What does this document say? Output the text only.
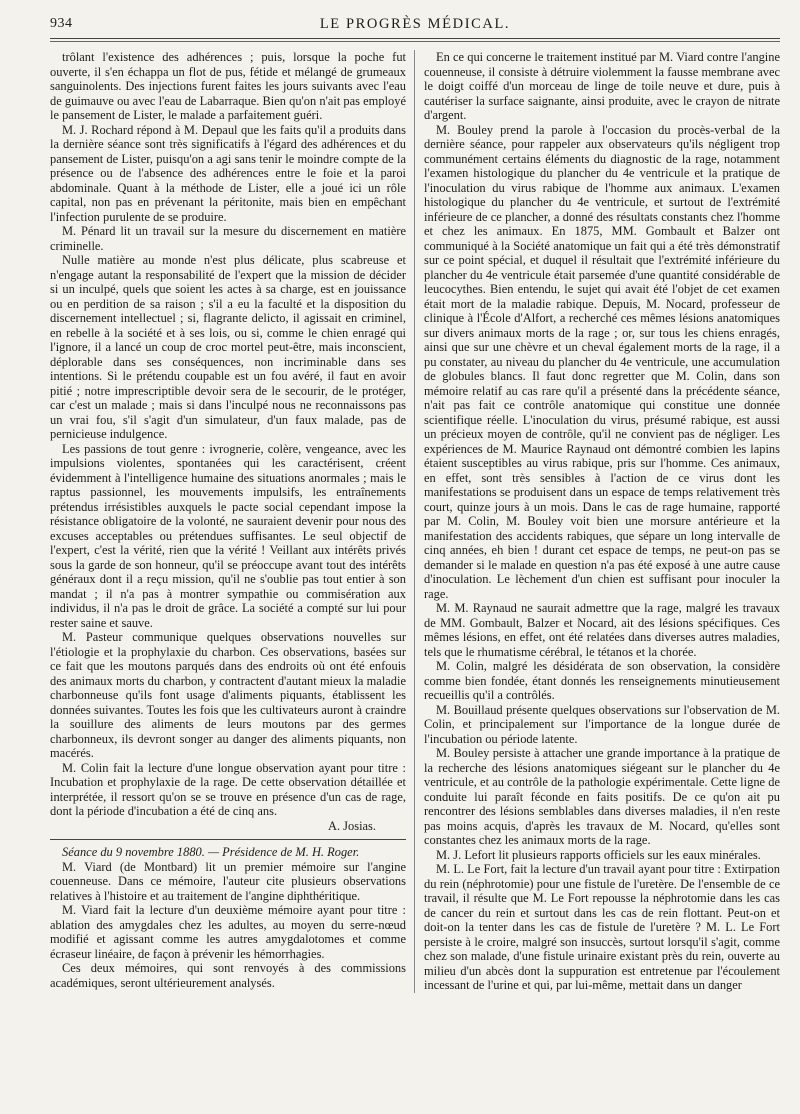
934	LE PROGRÈS MÉDICAL.

trôlant l'existence des adhérences ; puis, lorsque la poche fut ouverte, il s'en échappa un flot de pus, fétide et mélangé de grumeaux sanguinolents. Des injections furent faites les jours suivants avec l'eau de guimauve ou avec l'eau de Labarraque. Bien qu'on n'ait pas employé le pansement de Lister, le malade a parfaitement guéri.

M. J. Rochard répond à M. Depaul que les faits qu'il a produits dans la dernière séance sont très significatifs à l'égard des adhérences et du pansement de Lister, puisqu'on a agi sans tenir le moindre compte de la présence ou de l'absence des adhérences entre le foie et la paroi abdominale. Quant à la méthode de Lister, elle a joué ici un rôle capital, non pas en prévenant la péritonite, mais bien en empêchant l'infection purulente de se produire.

M. Pénard lit un travail sur la mesure du discernement en matière criminelle.

Nulle matière au monde n'est plus délicate, plus scabreuse et n'engage autant la responsabilité de l'expert que la mission de décider si un inculpé, quels que soient les actes à sa charge, est en jouissance ou en perdition de sa raison ; s'il a eu la faculté et la disposition du discernement intellectuel ; si, flagrante delicto, il agissait en criminel, en rebelle à la société et à ses lois, ou si, comme le chien enragé qui l'ignore, il a lancé un coup de croc mortel peut-être, mais inconscient, déplorable dans ses conséquences, non incriminable dans ses intentions. Si le prétendu coupable est un fou avéré, il faut en avoir pitié ; notre imprescriptible devoir sera de le secourir, de le protéger, car c'est un malade ; mais si dans l'inculpé nous ne reconnaissons pas un vrai fou, s'il s'agit d'un simulateur, d'un faux malade, pas de pernicieuse indulgence.

Les passions de tout genre : ivrognerie, colère, vengeance, avec les impulsions violentes, spontanées qui les caractérisent, créent évidemment à l'intelligence humaine des situations anormales ; mais le raptus passionnel, les mouvements impulsifs, les entraînements prétendus irrésistibles auxquels le pacte social cependant impose la résistance obligatoire de la volonté, ne sauraient devenir pour nous des excuses acceptables ou prétendues suffisantes. Le seul objectif de l'expert, c'est la vérité, rien que la vérité ! Veillant aux intérêts privés sous la garde de son honneur, qu'il se préoccupe avant tout des intérêts généraux dont il a reçu mission, qu'il ne s'oublie pas tout entier à son mandat ; il n'a pas à montrer sympathie ou commisération aux individus, il n'a pas le droit de grâce. La société a compté sur lui pour rester saine et sauve.

M. Pasteur communique quelques observations nouvelles sur l'étiologie et la prophylaxie du charbon. Ces observations, basées sur ce fait que les moutons parqués dans des endroits où ont été enfouis des animaux morts du charbon, y contractent d'autant mieux la maladie charbonneuse qu'ils font usage d'aliments piquants, établissent les données suivantes. Toutes les fois que les cultivateurs auront à craindre la souillure des aliments de leurs moutons par des germes charbonneux, ils devront songer au danger des aliments piquants, non macérés.

M. Colin fait la lecture d'une longue observation ayant pour titre : Incubation et prophylaxie de la rage. De cette observation détaillée et interprétée, il ressort qu'on se se trouve en présence d'un cas de rage, dont la période d'incubation a été de cinq ans.

A. Josias.

Séance du 9 novembre 1880. — Présidence de M. H. Roger.

M. Viard (de Montbard) lit un premier mémoire sur l'angine couenneuse. Dans ce mémoire, l'auteur cite plusieurs observations relatives à l'histoire et au traitement de l'angine diphthéritique.

M. Viard fait la lecture d'un deuxième mémoire ayant pour titre : ablation des amygdales chez les adultes, au moyen du serre-nœud modifié et agissant comme les autres amygdalotomes et comme écraseur linéaire, de façon à prévenir les hémorrhagies.

Ces deux mémoires, qui sont renvoyés à des commissions académiques, seront ultérieurement analysés.

En ce qui concerne le traitement institué par M. Viard contre l'angine couenneuse, il consiste à détruire violemment la fausse membrane avec le doigt coiffé d'un morceau de linge de toile neuve et dure, puis à cautériser la surface saignante, ainsi produite, avec le crayon de nitrate d'argent.

M. Bouley prend la parole à l'occasion du procès-verbal de la dernière séance, pour rappeler aux observateurs qu'ils négligent trop communément certains éléments du diagnostic de la rage, notamment l'examen histologique du plancher du 4e ventricule et la pratique de l'inoculation du virus rabique de l'homme aux animaux. L'examen histologique du plancher du 4e ventricule, et surtout de l'extrémité inférieure de ce plancher, a donné des résultats constants chez l'homme et chez les animaux. En 1875, MM. Gombault et Balzer ont communiqué à la Société anatomique un fait qui a été très démonstratif sur ce point spécial, et duquel il résultait que l'extrémité inférieure du plancher du 4e ventricule était parsemée d'une quantité considérable de leucocythes. Bien entendu, le sujet qui avait été l'objet de cet examen était mort de la maladie rabique. Depuis, M. Nocard, professeur de clinique à l'École d'Alfort, a recherché ces mêmes lésions anatomiques sur divers animaux morts de la rage ; or, sur tous les chiens enragés, ainsi que sur une chèvre et un cheval également morts de la rage, il a pu constater, au niveau du plancher du 4e ventricule, une accumulation de globules blancs. Il faut donc regretter que M. Colin, dans son mémoire relatif au cas rare qu'il a présenté dans la précédente séance, n'ait pas fait ce contrôle anatomique qui constitue une donnée scientifique réelle. L'inoculation du virus, présumé rabique, est aussi un précieux moyen de contrôle, qu'il ne convient pas de négliger. Les expériences de M. Maurice Raynaud ont démontré combien les lapins étaient susceptibles au virus rabique, pris sur l'homme. Ces animaux, en effet, sont très sensibles à l'action de ce virus dont les manifestations se produisent dans un espace de temps relativement très court, quinze jours à un mois. Dans le cas de rage humaine, rapporté par M. Colin, M. Bouley voit bien une morsure antérieure et la manifestation des accidents rabiques, que sépare un long intervalle de cinq années, eh bien ! durant cet espace de temps, ne peut-on pas se demander si le malade en question n'a pas été exposé à une autre cause d'inoculation. Le lèchement d'un chien est suffisant pour inoculer la rage.

M. M. Raynaud ne saurait admettre que la rage, malgré les travaux de MM. Gombault, Balzer et Nocard, ait des lésions spécifiques. Ces mêmes lésions, en effet, ont été relatées dans diverses autres maladies, tels que le rhumatisme cérébral, le tétanos et la chorée.

M. Colin, malgré les désidérata de son observation, la considère comme bien fondée, étant donnés les renseignements minutieusement recueillis qu'il a contrôlés.

M. Bouillaud présente quelques observations sur l'observation de M. Colin, et principalement sur l'importance de la longue durée de l'incubation ou période latente.

M. Bouley persiste à attacher une grande importance à la pratique de la recherche des lésions anatomiques siégeant sur le plancher du 4e ventricule, et au contrôle de la pathologie expérimentale. Cette ligne de conduite lui paraît féconde en faits positifs. De ce qu'on ait pu rencontrer des lésions semblables dans diverses maladies, il n'en reste pas moins acquis, d'après les travaux de M. Nocard, qu'elles sont constantes chez les animaux morts de la rage.

M. J. Lefort lit plusieurs rapports officiels sur les eaux minérales.

M. L. Le Fort, fait la lecture d'un travail ayant pour titre : Extirpation du rein (néphrotomie) pour une fistule de l'uretère. De l'ensemble de ce travail, il résulte que M. Le Fort repousse la néphrotomie dans les cas de cancer du rein et surtout dans les cas de rein flottant. Peut-on et doit-on la tenter dans les cas de fistule de l'uretère ? M. L. Le Fort persiste à le croire, malgré son insuccès, surtout lorsqu'il s'agit, comme chez son malade, d'une fistule urinaire existant près du rein, ouverte au milieu d'un abcès dont la suppuration est entretenue par l'écoulement incessant de l'urine et qui, par lui-même, mettait dans un danger
